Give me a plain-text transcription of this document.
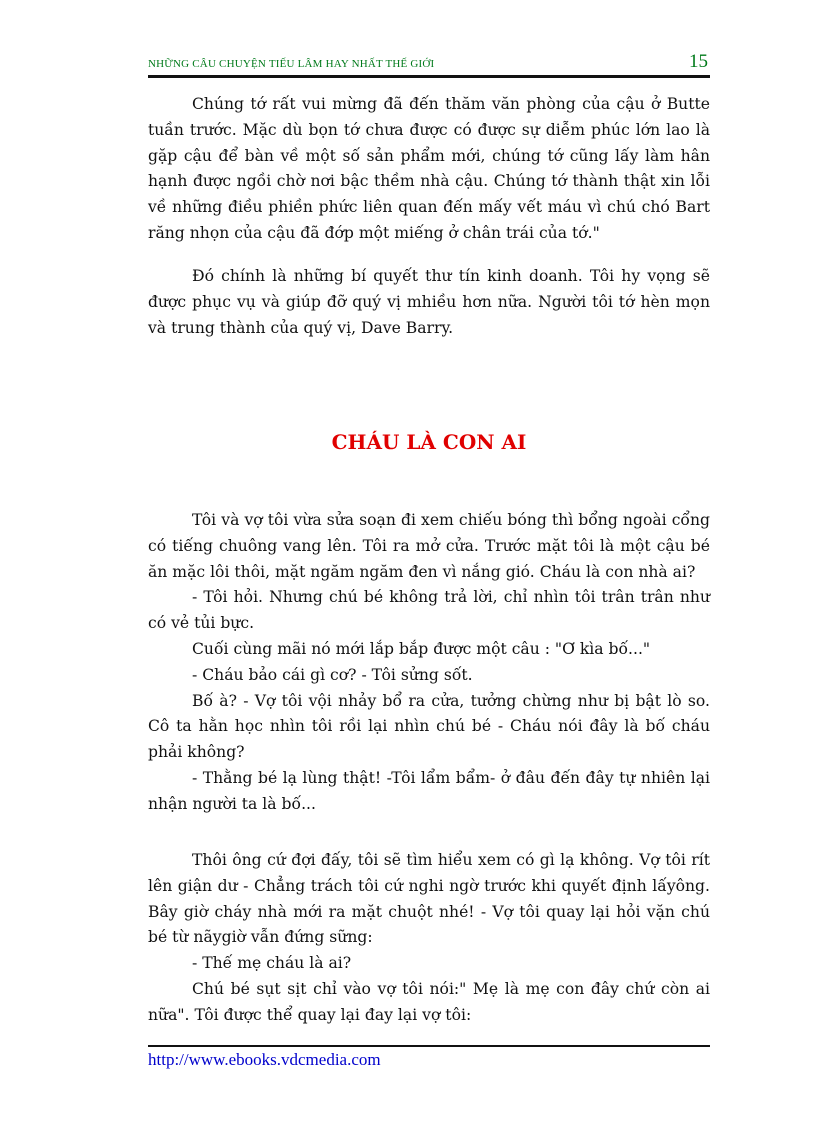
NHỮNG CÂU CHUYỆN TIẾU LÂM HAY NHẤT THẾ GIỚI	15

Chúng tớ rất vui mừng đã đến thăm văn phòng của cậu ở Butte tuần trước. Mặc dù bọn tớ chưa được có được sự diễm phúc lớn lao là gặp cậu để bàn về một số sản phẩm mới, chúng tớ cũng lấy làm hân hạnh được ngồi chờ nơi bậc thềm nhà cậu. Chúng tớ thành thật xin lỗi về những điều phiền phức liên quan đến mấy vết máu vì chú chó Bart răng nhọn của cậu đã đớp một miếng ở chân trái của tớ."

Đó chính là những bí quyết thư tín kinh doanh. Tôi hy vọng sẽ được phục vụ và giúp đỡ quý vị mhiều hơn nữa. Người tôi tớ hèn mọn và trung thành của quý vị, Dave Barry.

CHÁU LÀ CON AI

Tôi và vợ tôi vừa sửa soạn đi xem chiếu bóng thì bổng ngoài cổng có tiếng chuông vang lên. Tôi ra mở cửa. Trước mặt tôi là một cậu bé ăn mặc lôi thôi, mặt ngăm ngăm đen vì nắng gió. Cháu là con nhà ai?

- Tôi hỏi. Nhưng chú bé không trả lời, chỉ nhìn tôi trân trân như có vẻ tủi bực.

Cuối cùng mãi nó mới lắp bắp được một câu : "Ơ kìa bố..."

- Cháu bảo cái gì cơ? - Tôi sửng sốt.

Bố à? - Vợ tôi vội nhảy bổ ra cửa, tưởng chừng như bị bật lò so. Cô ta hằn học nhìn tôi rồi lại nhìn chú bé - Cháu nói đây là bố cháu phải không?

- Thằng bé lạ lùng thật! -Tôi lẩm bẩm- ở đâu đến đây tự nhiên lại nhận người ta là bố...

Thôi ông cứ đợi đấy, tôi sẽ tìm hiểu xem có gì lạ không. Vợ tôi rít lên giận dư - Chẳng trách tôi cứ nghi ngờ trước khi quyết định lấyông. Bây giờ cháy nhà mới ra mặt chuột nhé! - Vợ tôi quay lại hỏi vặn chú bé từ nãygiờ vẫn đứng sững:

- Thế mẹ cháu là ai?

Chú bé sụt sịt chỉ vào vợ tôi nói:" Mẹ là mẹ con đây chứ còn ai nữa". Tôi được thể quay lại đay lại vợ tôi:

http://www.ebooks.vdcmedia.com
